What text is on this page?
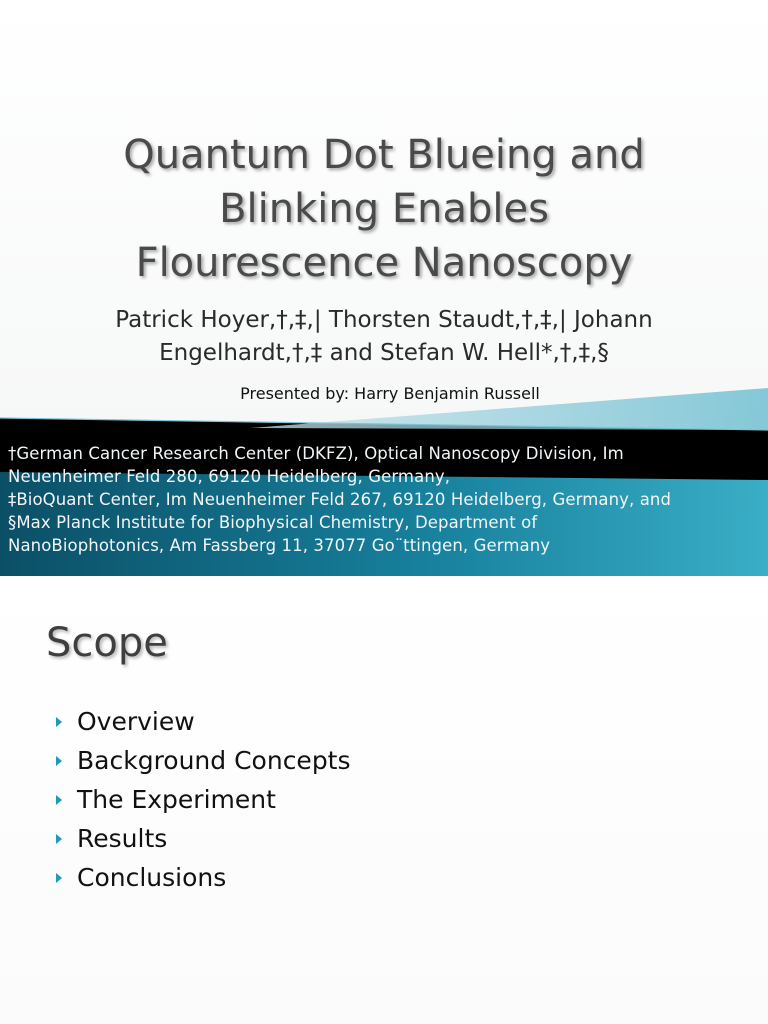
Quantum Dot Blueing and
Blinking Enables
Flourescence Nanoscopy
Patrick Hoyer,†,‡,| Thorsten Staudt,†,‡,| Johann
Engelhardt,†,‡ and Stefan W. Hell*,†,‡,§
Presented by: Harry Benjamin Russell
†German Cancer Research Center (DKFZ), Optical Nanoscopy Division, Im
Neuenheimer Feld 280, 69120 Heidelberg, Germany,
‡BioQuant Center, Im Neuenheimer Feld 267, 69120 Heidelberg, Germany, and
§Max Planck Institute for Biophysical Chemistry, Department of
NanoBiophotonics, Am Fassberg 11, 37077 Go¨ttingen, Germany
Scope
Overview
Background Concepts
The Experiment
Results
Conclusions
